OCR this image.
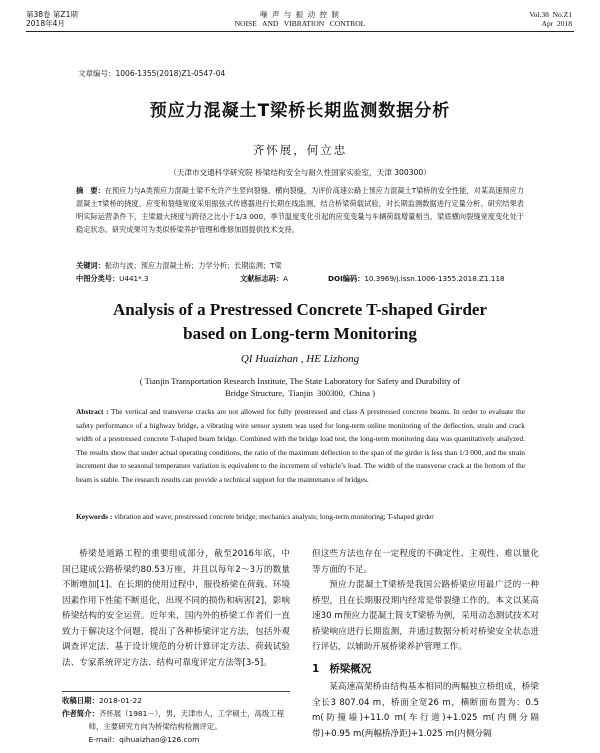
第38卷 第Z1期
2018年4月
噪 声 与 振 动 控 制
NOISE   AND   VIBRATION   CONTROL
Vol.38  No.Z1
Apr  2018
文章编号：1006-1355(2018)Z1-0547-04
预应力混凝土T梁桥长期监测数据分析
齐怀展，何立忠
（天津市交通科学研究院 桥梁结构安全与耐久性国家实验室，天津 300300）
摘　要：在预应力与A类预应力混凝土梁不允许产生竖向裂缝、横向裂缝，为评价高速公路上预应力混凝土T梁桥的安全性能，对某高速预应力混凝土T梁桥的挠度、应变和裂缝宽度采用振弦式传感器进行长期在线监测，结合桥梁荷载试验，对长期监测数据进行定量分析。研究结果表明实际运营条件下，主梁最大挠度与跨径之比小于1/3 000，季节温度变化引起的应变变量与车辆荷载增量相当，梁底横向裂缝宽度变化处于稳定状态。研究成果可为类似桥梁养护管理和维修加固提供技术支持。
关键词：振动与波；预应力混凝土桥；力学分析；长期监测；T梁
中图分类号：U441*.3	文献标志码：A	DOI编码：10.3969/j.issn.1006-1355.2018.Z1.118
Analysis of a Prestressed Concrete T-shaped Girder
based on Long-term Monitoring
QI Huaizhan , HE Lizhong
( Tianjin Transportation Research Institute, The State Laboratory for Safety and Durability of
Bridge Structure,  Tianjin  300300,  China )
Abstract : The vertical and transverse cracks are not allowed for fully prestressed and class A prestressed concrete beams. In order to evaluate the safety performance of a highway bridge, a vibrating wire sensor system was used for long-term online monitoring of the deflection, strain and crack width of a prestressed concrete T-shaped beam bridge. Combined with the bridge load test, the long-term monitoring data was quantitatively analyzed. The results show that under actual operating conditions, the ratio of the maximum deflection to the span of the girder is less than 1/3 000, and the strain increment due to seasonal temperature variation is equivalent to the increment of vehicle’s load. The width of the transverse crack at the bottom of the beam is stable. The research results can provide a technical support for the maintenance of bridges.
Keywords : vibration and wave; prestressed concrete bridge; mechanics analysis; long-term monitoring; T-shaped girder
桥梁是道路工程的重要组成部分，截至2016年底，中国已建成公路桥梁约80.53万座，并且以每年2～3万的数量不断增加[1]。在长期的使用过程中，服役桥梁在荷载、环境因素作用下性能不断退化，出现不同的损伤和病害[2]，影响桥梁结构的安全运营。近年来，国内外的桥梁工作者们一直致力于解决这个问题，提出了各种桥梁评定方法，包括外观调查评定法、基于设计规范的分析计算评定方法、荷载试验法、专家系统评定方法、结构可靠度评定方法等[3-5]。
收稿日期：2018-01-22
作者简介：齐怀展（1981－），男，天津市人，工学硕士，高级工程师，主要研究方向为桥梁结构检测评定。
E-mail：qihuaizhan@126.com
但这些方法也存在一定程度的不确定性、主观性、难以量化等方面的不足。
预应力混凝土T梁桥是我国公路桥梁应用最广泛的一种桥型，且在长期服役期内经常是带裂缝工作的。本文以某高速30 m预应力混凝土简支T梁桥为例，采用动态测试技术对桥梁响应进行长期监测，并通过数据分析对桥梁安全状态进行评估，以辅助开展桥梁养护管理工作。
1 桥梁概况
某高速高架桥由结构基本相同的两幅独立桥组成，桥梁全长3 807.04 m，桥面全宽26 m，横断面布置为：0.5 m(防撞墙)+11.0 m(车行道)+1.025 m(内侧分隔带)+0.95 m(两幅桥净距)+1.025 m(内侧分隔
